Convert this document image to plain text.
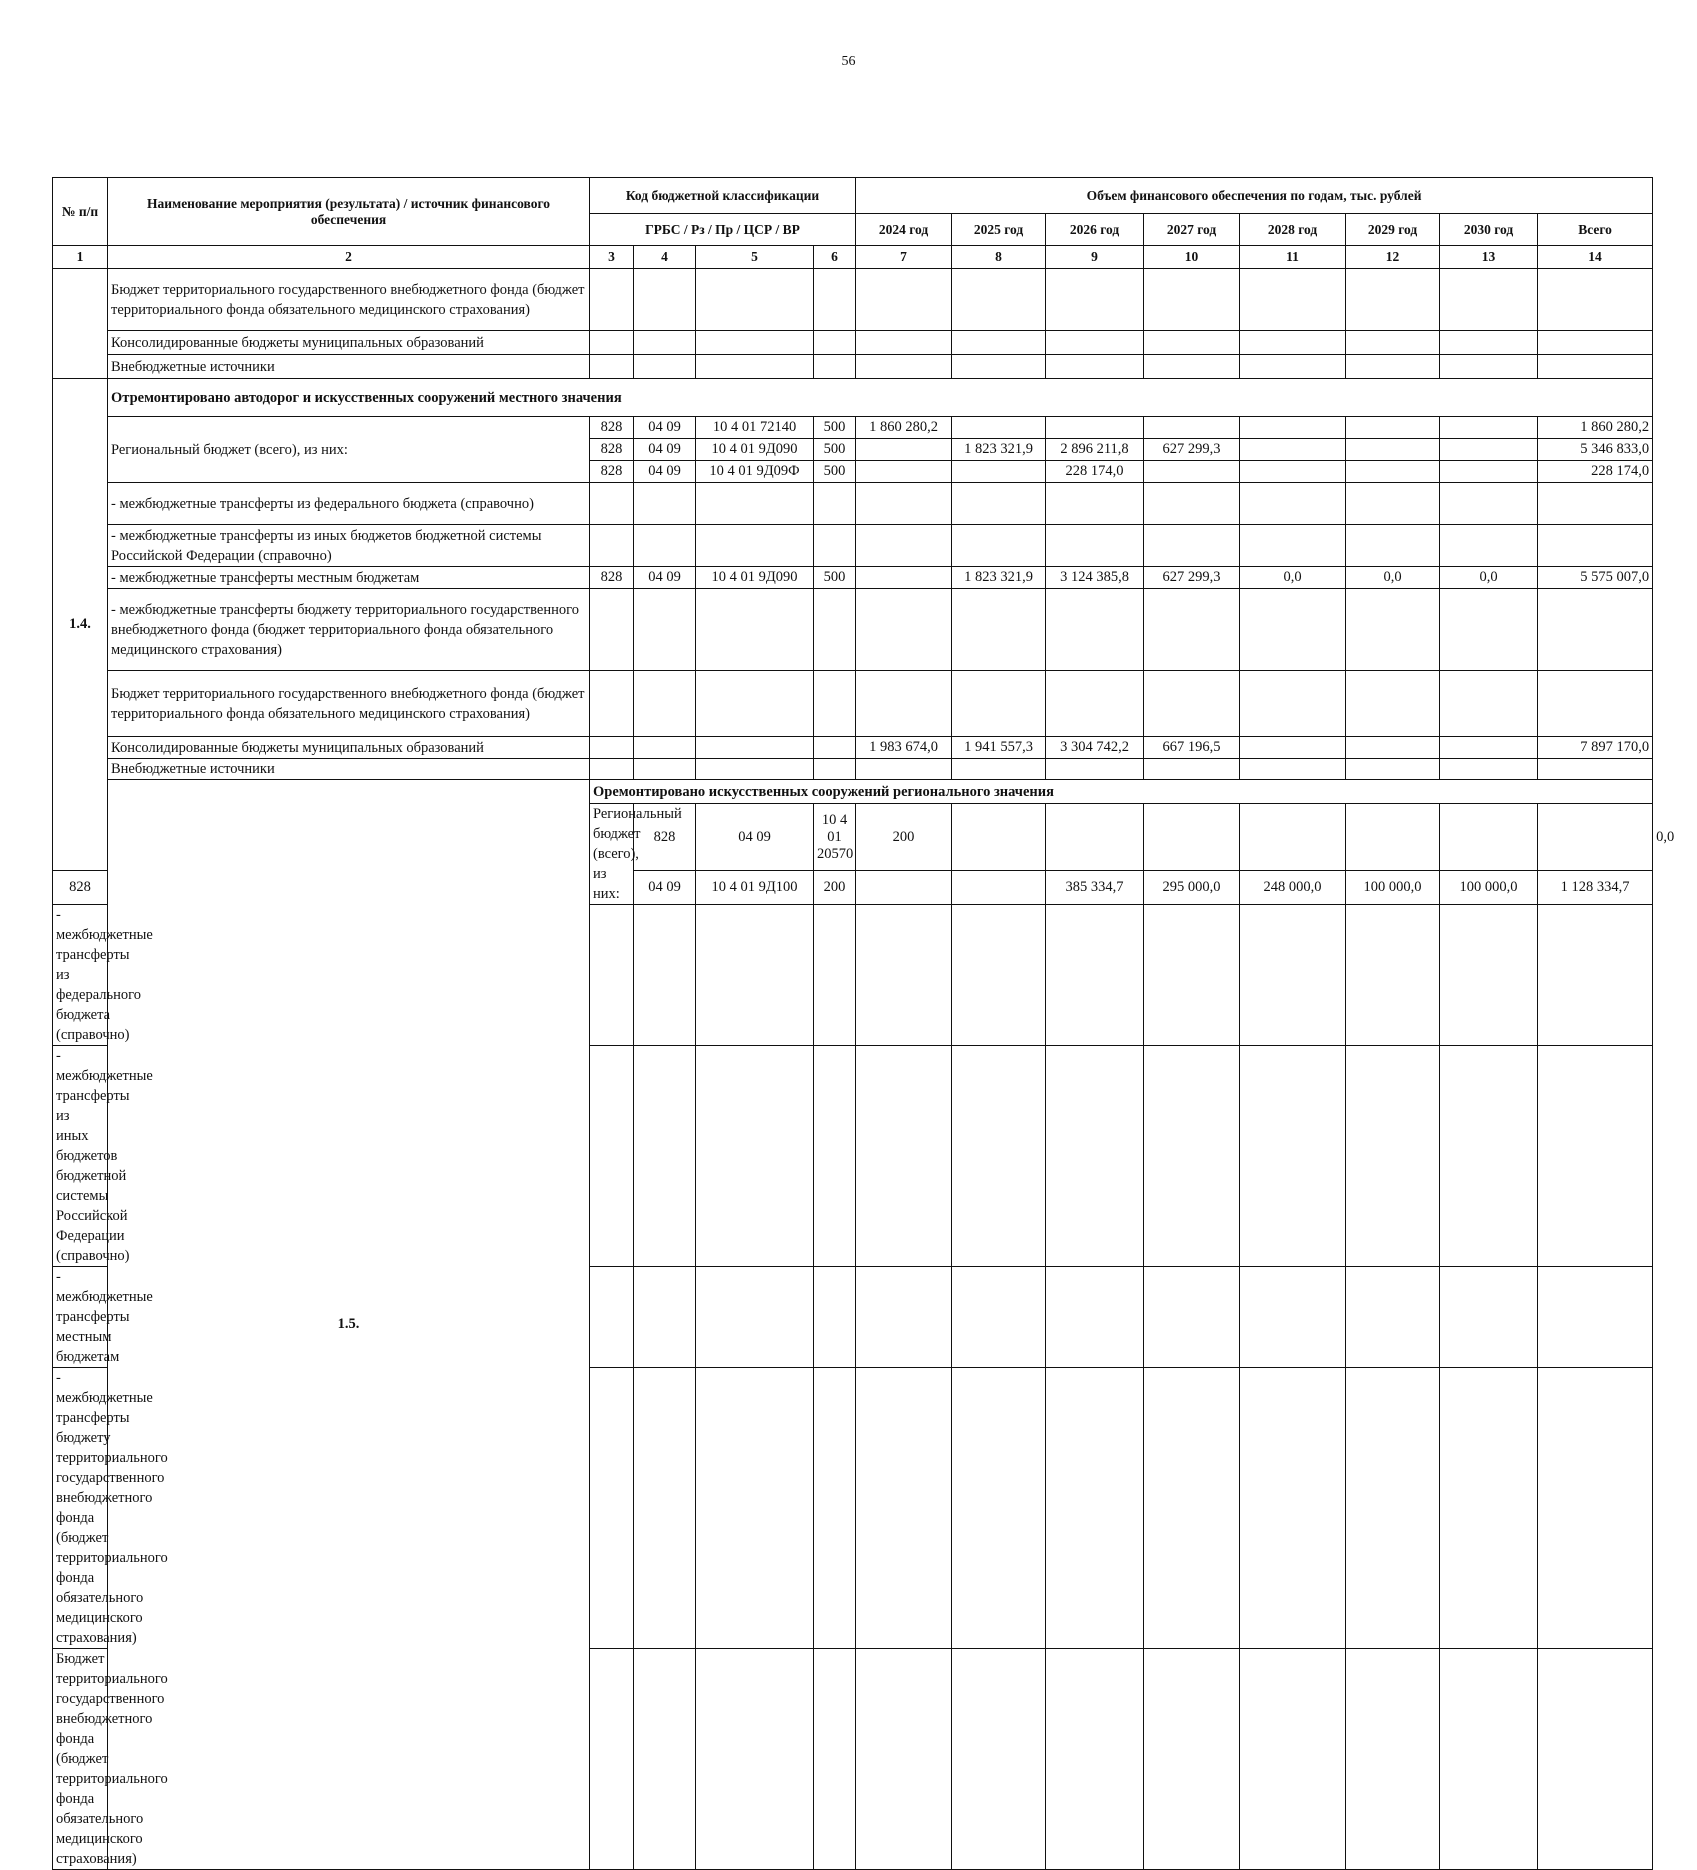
56
№ п/п	Наименование мероприятия (результата) / источник финансового обеспечения	Код бюджетной классификации				Объем финансового обеспечения по годам, тыс. рублей								
		ГРБС / Рз / Пр / ЦСР / ВР				2024 год	2025 год	2026 год	2027 год	2028 год	2029 год	2030 год	Всего	
1	2	3	4	5	6	7	8	9	10	11	12	13	14	
	Бюджет территориального государственного внебюджетного фонда (бюджет территориального фонда обязательного медицинского страхования)													
	Консолидированные бюджеты муниципальных образований													
	Внебюджетные источники													
1.4.	Отремонтировано автодорог и искусственных сооружений местного значения													
	Региональный бюджет (всего), из них:	828	04 09	10 4 01 72140	500	1 860 280,2							1 860 280,2	
		828	04 09	10 4 01 9Д090	500		1 823 321,9	2 896 211,8	627 299,3				5 346 833,0	
		828	04 09	10 4 01 9Д09Ф	500			228 174,0					228 174,0	
	- межбюджетные трансферты из федерального бюджета (справочно)													
	- межбюджетные трансферты из иных бюджетов бюджетной системы Российской Федерации (справочно)													
	- межбюджетные трансферты местным бюджетам	828	04 09	10 4 01 9Д090	500		1 823 321,9	3 124 385,8	627 299,3	0,0	0,0	0,0	5 575 007,0	
	- межбюджетные трансферты бюджету территориального государственного внебюджетного фонда (бюджет территориального фонда обязательного медицинского страхования)													
	Бюджет территориального государственного внебюджетного фонда (бюджет территориального фонда обязательного медицинского страхования)													
	Консолидированные бюджеты муниципальных образований					1 983 674,0	1 941 557,3	3 304 742,2	667 196,5				7 897 170,0	
	Внебюджетные источники													
	1.5.	Оремонтировано искусственных сооружений регионального значения												
		Региональный бюджет (всего), из них:	828	04 09	10 4 01 20570	200								0,0
828			04 09	10 4 01 9Д100	200			385 334,7	295 000,0	248 000,0	100 000,0	100 000,0	1 128 334,7	
- межбюджетные трансферты из федерального бюджета (справочно)														
- межбюджетные трансферты из иных бюджетов бюджетной системы Российской Федерации (справочно)														
- межбюджетные трансферты местным бюджетам														
- межбюджетные трансферты бюджету территориального государственного внебюджетного фонда (бюджет территориального фонда обязательного медицинского страхования)														
Бюджет территориального государственного внебюджетного фонда (бюджет территориального фонда обязательного медицинского страхования)														
